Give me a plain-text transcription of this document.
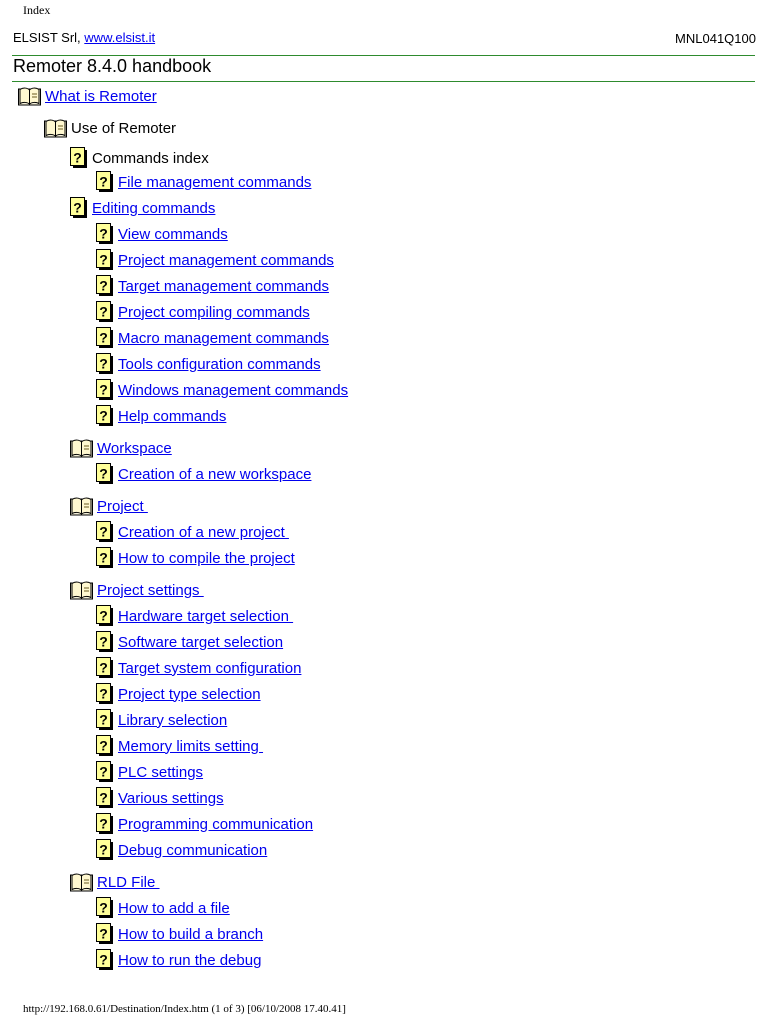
Index
ELSIST Srl, www.elsist.it	MNL041Q100
Remoter 8.4.0 handbook
What is Remoter
Use of Remoter
? Commands index
? File management commands
? Editing commands
? View commands
? Project management commands
? Target management commands
? Project compiling commands
? Macro management commands
? Tools configuration commands
? Windows management commands
? Help commands
Workspace
? Creation of a new workspace
Project
? Creation of a new project
? How to compile the project
Project settings
? Hardware target selection
? Software target selection
? Target system configuration
? Project type selection
? Library selection
? Memory limits setting
? PLC settings
? Various settings
? Programming communication
? Debug communication
RLD File
? How to add a file
? How to build a branch
? How to run the debug
http://192.168.0.61/Destination/Index.htm (1 of 3) [06/10/2008 17.40.41]
